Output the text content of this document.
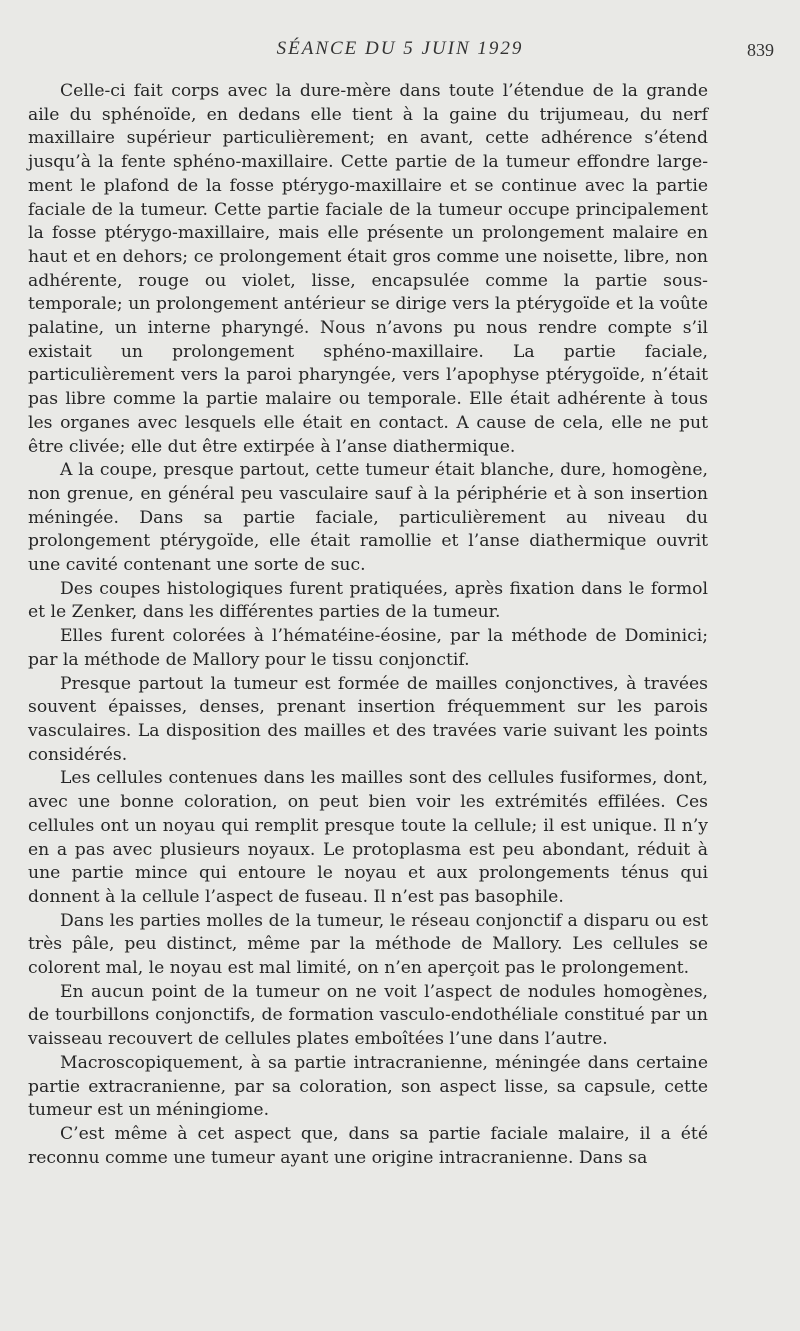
SÉANCE DU 5 JUIN 1929	839

Celle-ci fait corps avec la dure-mère dans toute l’étendue de la grande aile du sphénoïde, en dedans elle tient à la gaine du trijumeau, du nerf maxillaire supérieur particulièrement; en avant, cette adhérence s’étend jusqu’à la fente sphéno-maxillaire. Cette partie de la tumeur effondre largement le plafond de la fosse ptérygo-maxillaire et se continue avec la partie faciale de la tumeur. Cette partie faciale de la tumeur occupe principalement la fosse ptérygo-maxillaire, mais elle présente un prolongement malaire en haut et en dehors; ce prolongement était gros comme une noisette, libre, non adhérente, rouge ou violet, lisse, encapsulée comme la partie sous-temporale; un prolongement antérieur se dirige vers la ptérygoïde et la voûte palatine, un interne pharyngé. Nous n’avons pu nous rendre compte s’il existait un prolongement sphéno-maxillaire. La partie faciale, particulièrement vers la paroi pharyngée, vers l’apophyse ptérygoïde, n’était pas libre comme la partie malaire ou temporale. Elle était adhérente à tous les organes avec lesquels elle était en contact. A cause de cela, elle ne put être clivée; elle dut être extirpée à l’anse diathermique.

A la coupe, presque partout, cette tumeur était blanche, dure, homogène, non grenue, en général peu vasculaire sauf à la périphérie et à son insertion méningée. Dans sa partie faciale, particulièrement au niveau du prolongement ptérygoïde, elle était ramollie et l’anse diathermique ouvrit une cavité contenant une sorte de suc.

Des coupes histologiques furent pratiquées, après fixation dans le formol et le Zenker, dans les différentes parties de la tumeur.

Elles furent colorées à l’hématéine-éosine, par la méthode de Dominici; par la méthode de Mallory pour le tissu conjonctif.

Presque partout la tumeur est formée de mailles conjonctives, à travées souvent épaisses, denses, prenant insertion fréquemment sur les parois vasculaires. La disposition des mailles et des travées varie suivant les points considérés.

Les cellules contenues dans les mailles sont des cellules fusiformes, dont, avec une bonne coloration, on peut bien voir les extrémités effilées. Ces cellules ont un noyau qui remplit presque toute la cellule; il est unique. Il n’y en a pas avec plusieurs noyaux. Le protoplasma est peu abondant, réduit à une partie mince qui entoure le noyau et aux prolongements ténus qui donnent à la cellule l’aspect de fuseau. Il n’est pas basophile.

Dans les parties molles de la tumeur, le réseau conjonctif a disparu ou est très pâle, peu distinct, même par la méthode de Mallory. Les cellules se colorent mal, le noyau est mal limité, on n’en aperçoit pas le prolongement.

En aucun point de la tumeur on ne voit l’aspect de nodules homogènes, de tourbillons conjonctifs, de formation vasculo-endothéliale constitué par un vaisseau recouvert de cellules plates emboîtées l’une dans l’autre.

Macroscopiquement, à sa partie intracranienne, méningée dans certaine partie extracranienne, par sa coloration, son aspect lisse, sa capsule, cette tumeur est un méningiome.

C’est même à cet aspect que, dans sa partie faciale malaire, il a été reconnu comme une tumeur ayant une origine intracranienne. Dans sa
